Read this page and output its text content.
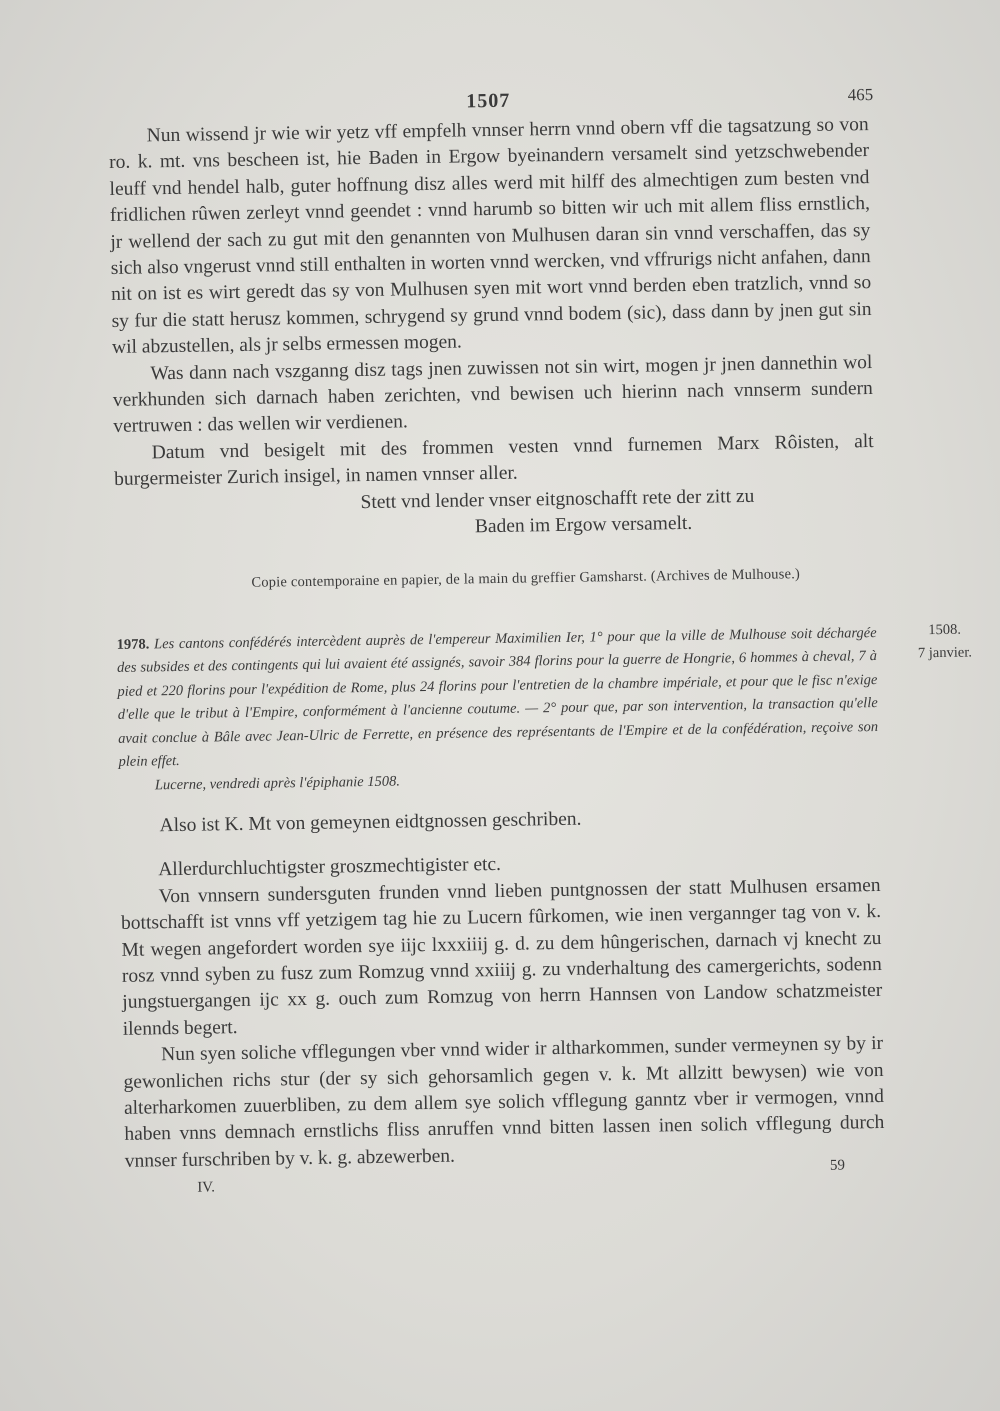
1507	465

Nun wissend jr wie wir yetz vff empfelh vnnser herrn vnnd obern vff die tagsatzung so von ro. k. mt. vns bescheen ist, hie Baden in Ergow byeinandern versamelt sind yetzschwebender leuff vnd hendel halb, guter hoffnung disz alles werd mit hilff des almechtigen zum besten vnd fridlichen rûwen zerleyt vnnd geendet : vnnd harumb so bitten wir uch mit allem fliss ernstlich, jr wellend der sach zu gut mit den genannten von Mulhusen daran sin vnnd verschaffen, das sy sich also vngerust vnnd still enthalten in worten vnnd wercken, vnd vffrurigs nicht anfahen, dann nit on ist es wirt geredt das sy von Mulhusen syen mit wort vnnd berden eben tratzlich, vnnd so sy fur die statt herusz kommen, schrygend sy grund vnnd bodem (sic), dass dann by jnen gut sin wil abzustellen, als jr selbs ermessen mogen.

Was dann nach vszganng disz tags jnen zuwissen not sin wirt, mogen jr jnen dannethin wol verkhunden sich darnach haben zerichten, vnd bewisen uch hierinn nach vnnserm sundern vertruwen : das wellen wir verdienen.

Datum vnd besigelt mit des frommen vesten vnnd furnemen Marx Rôisten, alt burgermeister Zurich insigel, in namen vnnser aller.

Stett vnd lender vnser eitgnoschafft rete der zitt zu

Baden im Ergow versamelt.

Copie contemporaine en papier, de la main du greffier Gamsharst. (Archives de Mulhouse.)

1978. Les cantons confédérés intercèdent auprès de l'empereur Maximilien Ier, 1° pour que la ville de Mulhouse soit déchargée des subsides et des contingents qui lui avaient été assignés, savoir 384 florins pour la guerre de Hongrie, 6 hommes à cheval, 7 à pied et 220 florins pour l'expédition de Rome, plus 24 florins pour l'entretien de la chambre impériale, et pour que le fisc n'exige d'elle que le tribut à l'Empire, conformément à l'ancienne coutume. — 2° pour que, par son intervention, la transaction qu'elle avait conclue à Bâle avec Jean-Ulric de Ferrette, en présence des représentants de l'Empire et de la confédération, reçoive son plein effet.
1508.
7 janvier.

Lucerne, vendredi après l'épiphanie 1508.

Also ist K. Mt von gemeynen eidtgnossen geschriben.

Allerdurchluchtigster groszmechtigister etc.

Von vnnsern sundersguten frunden vnnd lieben puntgnossen der statt Mulhusen ersamen bottschafft ist vnns vff yetzigem tag hie zu Lucern fûrkomen, wie inen vergannger tag von v. k. Mt wegen angefordert worden sye iijc lxxxiiij g. d. zu dem hûngerischen, darnach vj knecht zu rosz vnnd syben zu fusz zum Romzug vnnd xxiiij g. zu vnderhaltung des camergerichts, sodenn jungstuergangen ijc xx g. ouch zum Romzug von herrn Hannsen von Landow schatzmeister ilennds begert.

Nun syen soliche vfflegungen vber vnnd wider ir altharkommen, sunder vermeynen sy by ir gewonlichen richs stur (der sy sich gehorsamlich gegen v. k. Mt allzitt bewysen) wie von alterharkomen zuuerbliben, zu dem allem sye solich vfflegung ganntz vber ir vermogen, vnnd haben vnns demnach ernstlichs fliss anruffen vnnd bitten lassen inen solich vfflegung durch vnnser furschriben by v. k. g. abzewerben.	59
IV.
